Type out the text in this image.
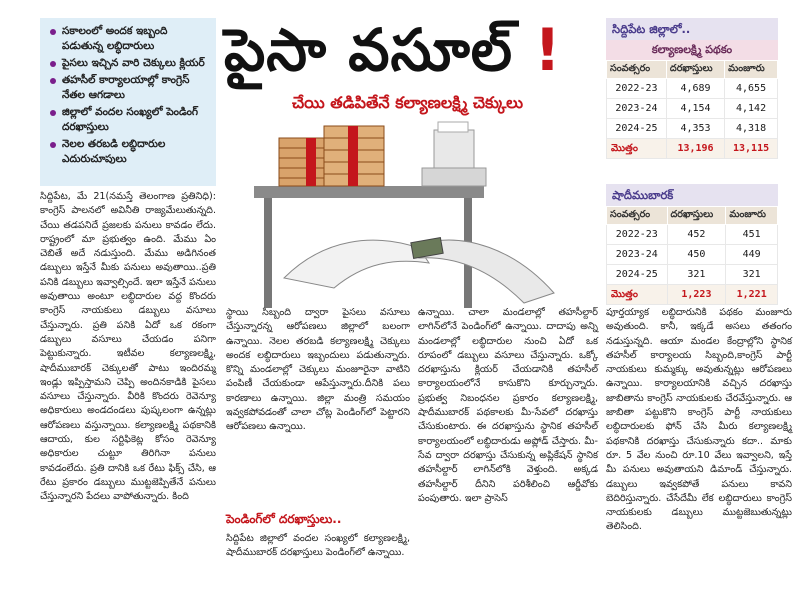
సకాలంలో అందక ఇబ్బంది పడుతున్న లబ్ధిదారులు
పైసలు ఇచ్చిన వారి చెక్కులు క్లియర్
తహసీల్ కార్యాలయాల్లో కాంగ్రెస్ నేతల ఆగడాలు
జిల్లాలో వందల సంఖ్యలో పెండింగ్ దరఖాస్తులు
నెలల తరబడి లబ్ధిదారుల ఎదురుచూపులు
పైసా వసూల్ !
చేయి తడిపితేనే కల్యాణలక్ష్మి చెక్కులు
సిద్దిపేట జిల్లాలో..
కల్యాణలక్ష్మి పథకం
సంవత్సరం	దరఖాస్తులు	మంజూరు
2022-23	4,689	4,655
2023-24	4,154	4,142
2024-25	4,353	4,318
మొత్తం	13,196	13,115
షాదీముబారక్
సంవత్సరం	దరఖాస్తులు	మంజూరు
2022-23	452	451
2023-24	450	449
2024-25	321	321
మొత్తం	1,223	1,221
సిద్దిపేట, మే 21(నమస్తే తెలంగాణ ప్రతినిధి): కాంగ్రెస్ పాలనలో అవినీతి రాజ్యమేలుతున్నది. చేయి తడపనిదే ప్రజలకు పనులు కావడం లేదు. రాష్ట్రంలో మా ప్రభుత్వం ఉంది. మేము ఏం చెబితే అదే నడుస్తుంది. మేము అడిగినంత డబ్బులు ఇస్తేనే మీకు పనులు అవుతాయి..ప్రతి పనికి డబ్బులు ఇవ్వాల్సిందే. ఇలా ఇస్తేనే పనులు అవుతాయి అంటూ లబ్ధిదారుల వద్ద కొందరు కాంగ్రెస్ నాయకులు డబ్బులు వసూలు చేస్తున్నారు. ప్రతి పనికి ఏదో ఒక రకంగా డబ్బులు వసూలు చేయడం పనిగా పెట్టుకున్నారు. ఇటీవల కల్యాణలక్ష్మి, షాదీముబారక్ చెక్కులతో పాటు ఇందిరమ్మ ఇండ్లు ఇప్పిస్తామని చెప్పి అందినకాడికి పైసలు వసూలు చేస్తున్నారు. వీరికి కొందరు రెవెన్యూ అధికారులు అండదండలు పుష్కలంగా ఉన్నట్లు ఆరోపణలు వస్తున్నాయి. కల్యాణలక్ష్మి పథకానికి ఆదాయ, కుల సర్టిఫికెట్ల కోసం రెవెన్యూ అధికారుల చుట్టూ తిరిగినా పనులు కావడంలేదు. ప్రతి దానికి ఒక రేటు ఫిక్స్ చేసి, ఆ రేటు ప్రకారం డబ్బులు ముట్టజెప్పితేనే పనులు చేస్తున్నారని పేదలు వాపోతున్నారు. కింది
స్థాయి సిబ్బంది ద్వారా పైసలు వసూలు చేస్తున్నారన్న ఆరోపణలు జిల్లాలో బలంగా ఉన్నాయి. నెలల తరబడి కల్యాణలక్ష్మి చెక్కులు అందక లబ్ధిదారులు ఇబ్బందులు పడుతున్నారు. కొన్ని మండలాల్లో చెక్కులు మంజూరైనా వాటిని పంపిణీ చేయకుండా ఆపేస్తున్నారు.దీనికి పలు కారణాలు ఉన్నాయి. జిల్లా మంత్రి సమయం ఇవ్వకపోవడంతో చాలా చోట్ల పెండింగ్‌లో పెట్టారని ఆరోపణలు ఉన్నాయి.
పెండింగ్‌లో దరఖాస్తులు..
సిద్దిపేట జిల్లాలో వందల సంఖ్యలో కల్యాణలక్ష్మి, షాదీముబారక్ దరఖాస్తులు పెండింగ్‌లో ఉన్నాయి.
ఉన్నాయి. చాలా మండలాల్లో తహసీల్దార్ లాగిన్‌లోనే పెండింగ్‌లో ఉన్నాయి. దాదాపు అన్ని మండలాల్లో లబ్ధిదారుల నుంచి ఏదో ఒక రూపంలో డబ్బులు వసూలు చేస్తున్నారు. ఒక్కో దరఖాస్తును క్లియర్ చేయడానికి తహసీల్ కార్యాలయంలోనే కాసుకొని కూర్చున్నారు. ప్రభుత్వ నిబంధనల ప్రకారం కల్యాణలక్ష్మి, షాదీముబారక్ పథకాలకు మీ-సేవలో దరఖాస్తు చేసుకుంటారు. ఈ దరఖాస్తును స్థానిక తహసీల్ కార్యాలయంలో లబ్ధిదారుడు అప్లోడ్ చేస్తారు. మీ-సేవ ద్వారా దరఖాస్తు చేసుకున్న అప్లికేషన్ స్థానిక తహసీల్దార్ లాగిన్‌లోకి వెళ్తుంది. అక్కడ తహసీల్దార్ దీనిని పరిశీలించి ఆర్డీవోకు పంపుతారు. ఇలా ప్రాసెస్
పూర్తయ్యాక లబ్ధిదారునికి పథకం మంజూరు అవుతుంది. కానీ, ఇక్కడే అసలు తతంగం నడుస్తున్నది. ఆయా మండల కేంద్రాల్లోని స్థానిక తహసీల్ కార్యాలయ సిబ్బంది,కాంగ్రెస్ పార్టీ నాయకులు కుమ్మక్కు అవుతున్నట్లు ఆరోపణలు ఉన్నాయి. కార్యాలయానికి వచ్చిన దరఖాస్తు జాబితాను కాంగ్రెస్ నాయకులకు చేరవేస్తున్నారు. ఆ జాబితా పట్టుకొని కాంగ్రెస్ పార్టీ నాయకులు లబ్ధిదారులకు ఫోన్ చేసి మీరు కల్యాణలక్ష్మి పథకానికి దరఖాస్తు చేసుకున్నారు కదా.. మాకు రూ. 5 వేల నుంచి రూ.10 వేలు ఇవ్వాలని, ఇస్తే మీ పనులు అవుతాయని డిమాండ్ చేస్తున్నారు. డబ్బులు ఇవ్వకపోతే పనులు కావని బెదిరిస్తున్నారు. చేసేదేమీ లేక లబ్ధిదారులు కాంగ్రెస్ నాయకులకు డబ్బులు ముట్టజెబుతున్నట్లు తెలిసింది.
